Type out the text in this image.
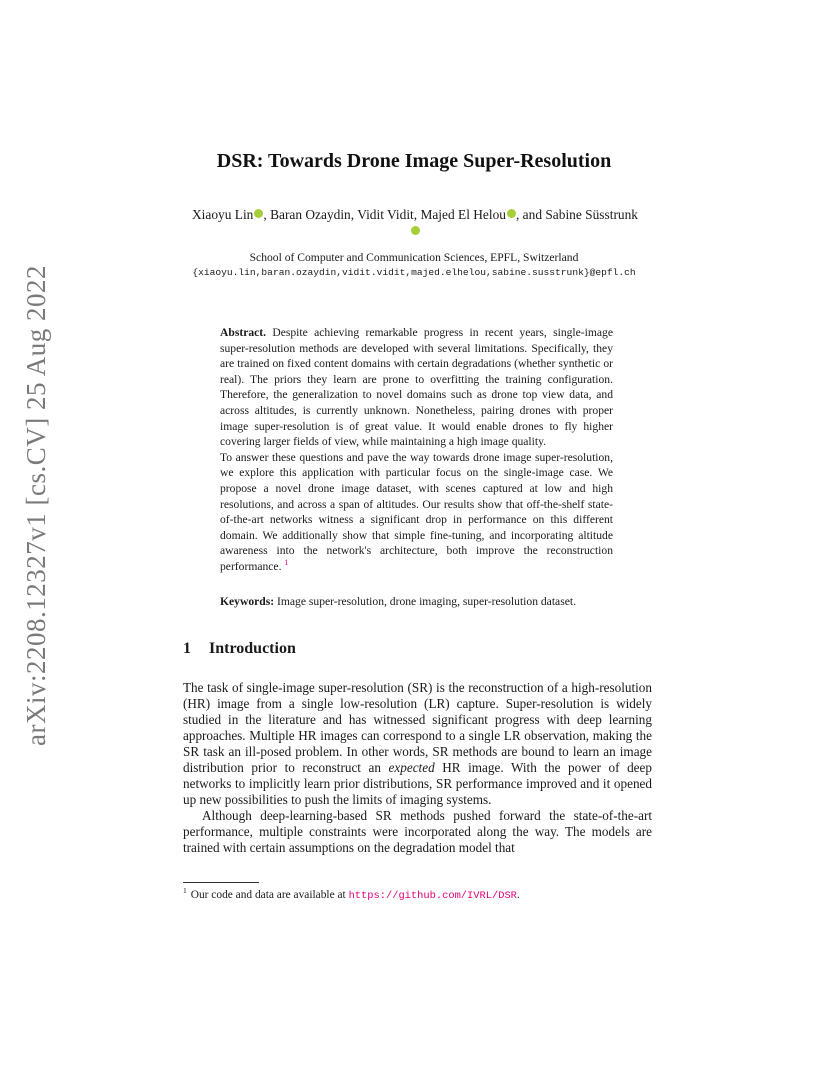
arXiv:2208.12327v1 [cs.CV] 25 Aug 2022
DSR: Towards Drone Image Super-Resolution
Xiaoyu Lin , Baran Ozaydin, Vidit Vidit, Majed El Helou , and Sabine Süsstrunk
School of Computer and Communication Sciences, EPFL, Switzerland
{xiaoyu.lin,baran.ozaydin,vidit.vidit,majed.elhelou,sabine.susstrunk}@epfl.ch

Abstract. Despite achieving remarkable progress in recent years, single-image super-resolution methods are developed with several limitations. Specifically, they are trained on fixed content domains with certain degradations (whether synthetic or real). The priors they learn are prone to overfitting the training configuration. Therefore, the generalization to novel domains such as drone top view data, and across altitudes, is currently unknown. Nonetheless, pairing drones with proper image super-resolution is of great value. It would enable drones to fly higher covering larger fields of view, while maintaining a high image quality.

To answer these questions and pave the way towards drone image super-resolution, we explore this application with particular focus on the single-image case. We propose a novel drone image dataset, with scenes captured at low and high resolutions, and across a span of altitudes. Our results show that off-the-shelf state-of-the-art networks witness a significant drop in performance on this different domain. We additionally show that simple fine-tuning, and incorporating altitude awareness into the network's architecture, both improve the reconstruction performance. $^1$

Keywords: Image super-resolution, drone imaging, super-resolution dataset.
1 Introduction

The task of single-image super-resolution (SR) is the reconstruction of a high-resolution (HR) image from a single low-resolution (LR) capture. Super-resolution is widely studied in the literature and has witnessed significant progress with deep learning approaches. Multiple HR images can correspond to a single LR observation, making the SR task an ill-posed problem. In other words, SR methods are bound to learn an image distribution prior to reconstruct an expected HR image. With the power of deep networks to implicitly learn prior distributions, SR performance improved and it opened up new possibilities to push the limits of imaging systems.

Although deep-learning-based SR methods pushed forward the state-of-the-art performance, multiple constraints were incorporated along the way. The models are trained with certain assumptions on the degradation model that

$^1$ Our code and data are available at https://github.com/IVRL/DSR.
